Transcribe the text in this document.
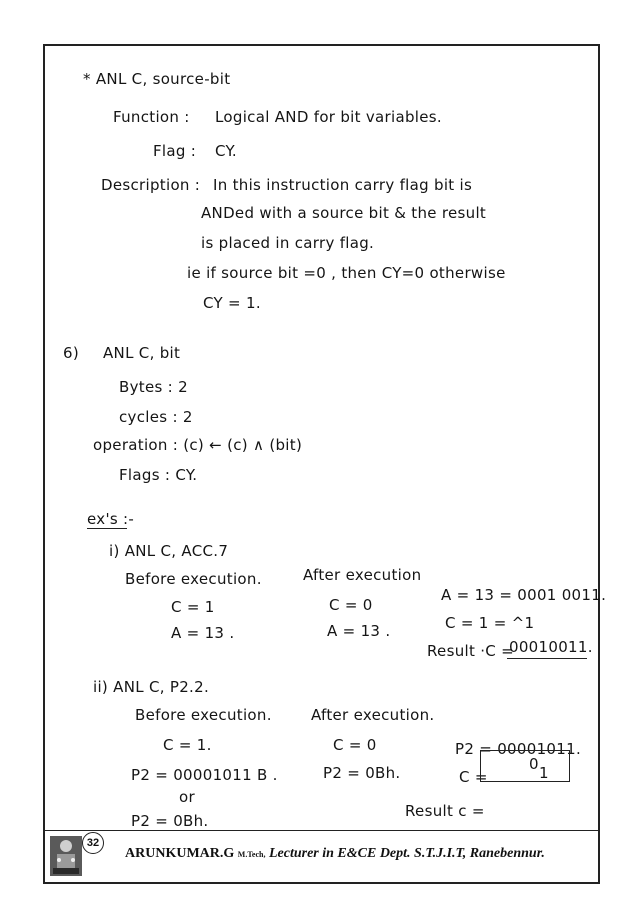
* ANL C, source-bit
Function : Logical AND for bit variables.
Flag : CY.
Description : In this instruction carry flag bit is
ANDed with a source bit & the result
is placed in carry flag.
ie if source bit =0 , then CY=0 otherwise
CY = 1.
6) ANL C, bit
Bytes : 2
cycles : 2
operation : (c) ← (c) ∧ (bit)
Flags : CY.
ex's :-
i) ANL C, ACC.7
Before execution.	After execution
A = 13 = 0001 0011.
C = 1	C = 0
C = 1 = ^1
A = 13 .	A = 13 .
Result ·C =
00010011.
ii) ANL C, P2.2.
Before execution.	After execution.
C = 1.	C = 0	P2 = 00001011.
P2 = 00001011 B .	P2 = 0Bh.	C =	1
or
Result c =
P2 = 0Bh.
0
32
ARUNKUMAR.G M.Tech, Lecturer in E&CE Dept. S.T.J.I.T, Ranebennur.
